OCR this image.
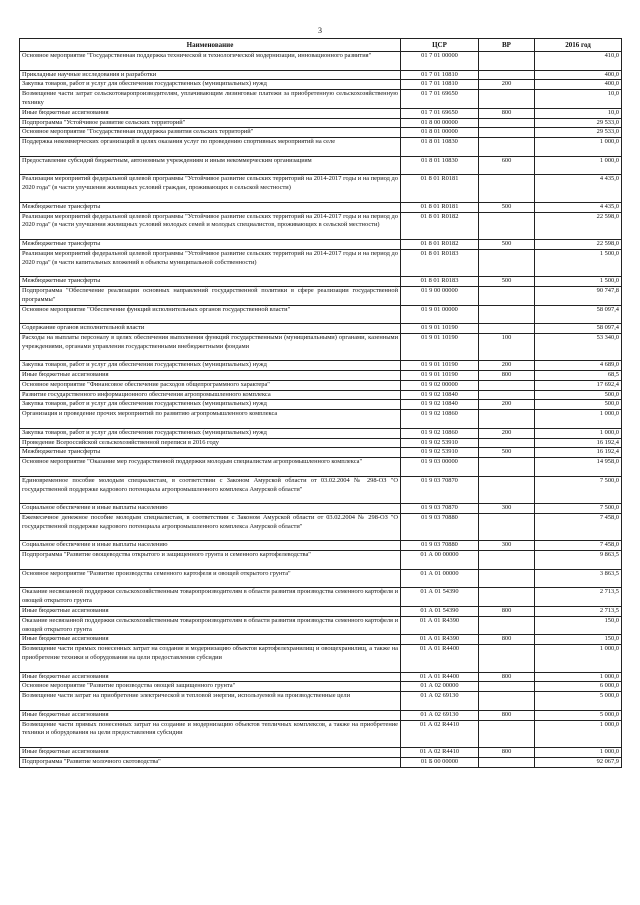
3
Наименование	ЦСР	ВР	2016 год
Основное мероприятие "Государственная поддержка технической и технологической модернизации, инновационного развития"	01 7 01 00000		410,0
Прикладные научные исследования и разработки	01 7 01 10810		400,0
Закупка товаров, работ и услуг для обеспечения государственных (муниципальных) нужд	01 7 01 10810	200	400,0
Возмещение части затрат сельскотоваропроизводителям, уплачивающим лизинговые платежи за приобретенную сельскохозяйственную технику	01 7 01 69650		10,0
Иные бюджетные ассигнования	01 7 01 69650	800	10,0
Подпрограмма "Устойчивое развитие сельских территорий"	01 8 00 00000		29 533,0
Основное мероприятие "Государственная поддержка развития сельских территорий"	01 8 01 00000		29 533,0
Поддержка некоммерческих организаций в целях оказания услуг по проведению спортивных мероприятий на селе	01 8 01 10830		1 000,0
Предоставление субсидий бюджетным, автономным учреждениям и иным некоммерческим организациям	01 8 01 10830	600	1 000,0
Реализация мероприятий федеральной целевой программы "Устойчивое развитие сельских территорий на 2014-2017 годы и на период до 2020 года" (в части улучшения жилищных условий граждан, проживающих в сельской местности)	01 8 01 R0181		4 435,0
Межбюджетные трансферты	01 8 01 R0181	500	4 435,0
Реализация мероприятий федеральной целевой программы "Устойчивое развитие сельских территорий на 2014-2017 годы и на период до 2020 года" (в части улучшения жилищных условий молодых семей и молодых специалистов, проживающих в сельской местности)	01 8 01 R0182		22 598,0
Межбюджетные трансферты	01 8 01 R0182	500	22 598,0
Реализация мероприятий федеральной целевой программы "Устойчивое развитие сельских территорий на 2014-2017 годы и на период до 2020 года" (в части капитальных вложений в объекты муниципальной собственности)	01 8 01 R0183		1 500,0
Межбюджетные трансферты	01 8 01 R0183	500	1 500,0
Подпрограмма "Обеспечение реализации основных направлений государственной политики в сфере реализации государственной программы"	01 9 00 00000		90 747,8
Основное мероприятие "Обеспечение функций исполнительных органов государственной власти"	01 9 01 00000		58 097,4
Содержание органов исполнительной власти	01 9 01 10190		58 097,4
Расходы на выплаты персоналу в целях обеспечения выполнения функций государственными (муниципальными) органами, казенными учреждениями, органами управления государственными внебюджетными фондами	01 9 01 10190	100	53 340,0
Закупка товаров, работ и услуг для обеспечения государственных (муниципальных) нужд	01 9 01 10190	200	4 689,0
Иные бюджетные ассигнования	01 9 01 10190	800	68,5
Основное мероприятие "Финансовое обеспечение расходов общепрограммного характера"	01 9 02 00000		17 692,4
Развитие государственного информационного обеспечения агропромышленного комплекса	01 9 02 10840		500,0
Закупка товаров, работ и услуг для обеспечения государственных (муниципальных) нужд	01 9 02 10840	200	500,0
Организация и проведение прочих мероприятий по развитию агропромышленного комплекса	01 9 02 10860		1 000,0
Закупка товаров, работ и услуг для обеспечения государственных (муниципальных) нужд	01 9 02 10860	200	1 000,0
Проведение Всероссийской сельскохозяйственной переписи в 2016 году	01 9 02 53910		16 192,4
Межбюджетные трансферты	01 9 02 53910	500	16 192,4
Основное мероприятие "Оказание мер государственной поддержки молодым специалистам агропромышленного комплекса"	01 9 03 00000		14 958,0
Единовременное пособие молодым специалистам, в соответствии с Законом Амурской области от 03.02.2004 № 298-ОЗ "О государственной поддержке кадрового потенциала агропромышленного комплекса Амурской области"	01 9 03 70870		7 500,0
Социальное обеспечение и иные выплаты населению	01 9 03 70870	300	7 500,0
Ежемесячное денежное пособие молодым специалистам, в соответствии с Законом Амурской области от 03.02.2004 № 298-ОЗ "О государственной поддержке кадрового потенциала агропромышленного комплекса Амурской области"	01 9 03 70880		7 458,0
Социальное обеспечение и иные выплаты населению	01 9 03 70880	300	7 458,0
Подпрограмма "Развитие овощеводства открытого и защищенного грунта и семенного картофелеводства"	01 А 00 00000		9 863,5
Основное мероприятие "Развитие производства семенного картофеля и овощей открытого грунта"	01 А 01 00000		3 863,5
Оказание несвязанной поддержки сельскохозяйственным товаропроизводителям в области развития производства семенного картофеля и овощей открытого грунта	01 А 01 54390		2 713,5
Иные бюджетные ассигнования	01 А 01 54390	800	2 713,5
Оказание несвязанной поддержки сельскохозяйственным товаропроизводителям в области развития производства семенного картофеля и овощей открытого грунта	01 А 01 R4390		150,0
Иные бюджетные ассигнования	01 А 01 R4390	800	150,0
Возмещение части прямых понесенных затрат на создание и модернизацию объектов картофелехранилищ и овощехранилищ, а также на приобретение техники и оборудования на цели предоставления субсидии	01 А 01 R4400		1 000,0
Иные бюджетные ассигнования	01 А 01 R4400	800	1 000,0
Основное мероприятие "Развитие производства овощей защищенного грунта"	01 А 02 00000		6 000,0
Возмещение части затрат на приобретение электрической и тепловой энергии, используемой на производственные цели	01 А 02 69130		5 000,0
Иные бюджетные ассигнования	01 А 02 69130	800	5 000,0
Возмещение части прямых понесенных затрат на создание и модернизацию объектов тепличных комплексов, а также на приобретение техники и оборудования на цели предоставления субсидии	01 А 02 R4410		1 000,0
Иные бюджетные ассигнования	01 А 02 R4410	800	1 000,0
Подпрограмма "Развитие молочного скотоводства"	01 Б 00 00000		92 067,9
